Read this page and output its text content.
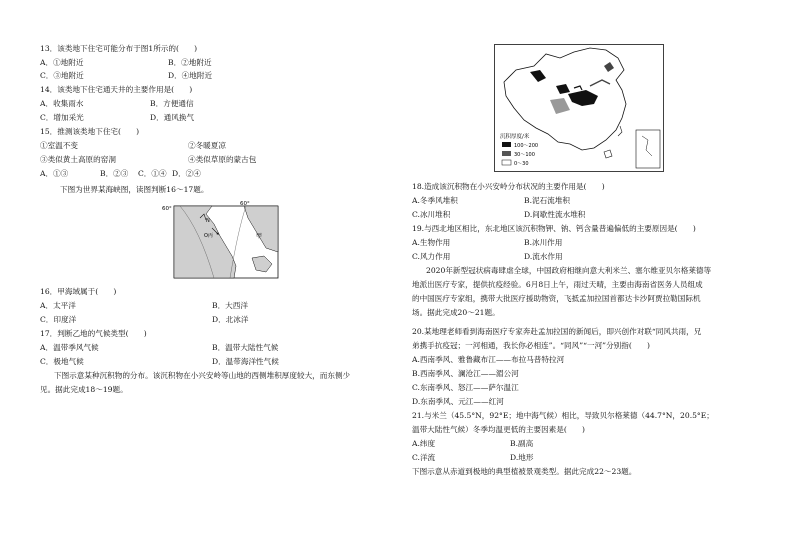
13．该类地下住宅可能分布于图1所示的(　　)
A．①地附近	B．②地附近
C．③地附近	D．④地附近
14．该类地下住宅通天井的主要作用是(　　)
A．收集雨水	B．方便通信
C．增加采光	D．通风换气
15．推测该类地下住宅(　　)
①室温不变	②冬暖夏凉
③类似黄土高原的窑洞	④类似草原的蒙古包
A．①③	B．②③ C．①④ D．②④
下图为世界某海峡图，读图判断16～17题。
60°
60°
N
O丙	甲
16．甲海域属于(　　)
A．太平洋	B．大西洋
C．印度洋	D．北冰洋
17．判断乙地的气候类型(　　)
A．温带季风气候	B．温带大陆性气候
C．极地气候	D．温带海洋性气候
下图示意某种沉积物的分布。该沉积物在小兴安岭等山地的西侧堆积厚度较大，而东侧少
见。据此完成18～19题。
沉积厚度/米
100～200
30～100
0～30
18.造成该沉积物在小兴安岭分布状况的主要作用是(　　)
A.冬季风堆积	B.泥石流堆积
C.冰川堆积	D.间歇性流水堆积
19.与西北地区相比，东北地区该沉积物钾、钠、钙含量普遍偏低的主要原因是(　　)
A.生物作用	B.冰川作用
C.风力作用	D.流水作用
2020年新型冠状病毒肆虐全球，中国政府相继向意大利米兰、塞尔维亚贝尔格莱德等
地派出医疗专家，提供抗疫经验。6月8日上午，雨过天晴，主要由海南省医务人员组成
的中国医疗专家组，携带大批医疗援助物资，飞抵孟加拉国首都达卡沙阿贾拉勒国际机
场。据此完成20～21题。
20.某地理老师看到海南医疗专家奔赴孟加拉国的新闻后，即兴创作对联“同风共雨，兄
弟携手抗疫冠；一河相通，我长你必相连”。“同风”“一河”分别指(　　)
A.西南季风、雅鲁藏布江——布拉马普特拉河
B.西南季风、澜沧江——湄公河
C.东南季风、怒江——萨尔温江
D.东南季风、元江——红河
21.与米兰（45.5°N，92°E；地中海气候）相比，导致贝尔格莱德（44.7°N，20.5°E；
温带大陆性气候）冬季均温更低的主要因素是(　　)
A.纬度	B.副高
C.洋流	D.地形
下图示意从赤道到极地的典型植被景观类型。据此完成22～23题。
